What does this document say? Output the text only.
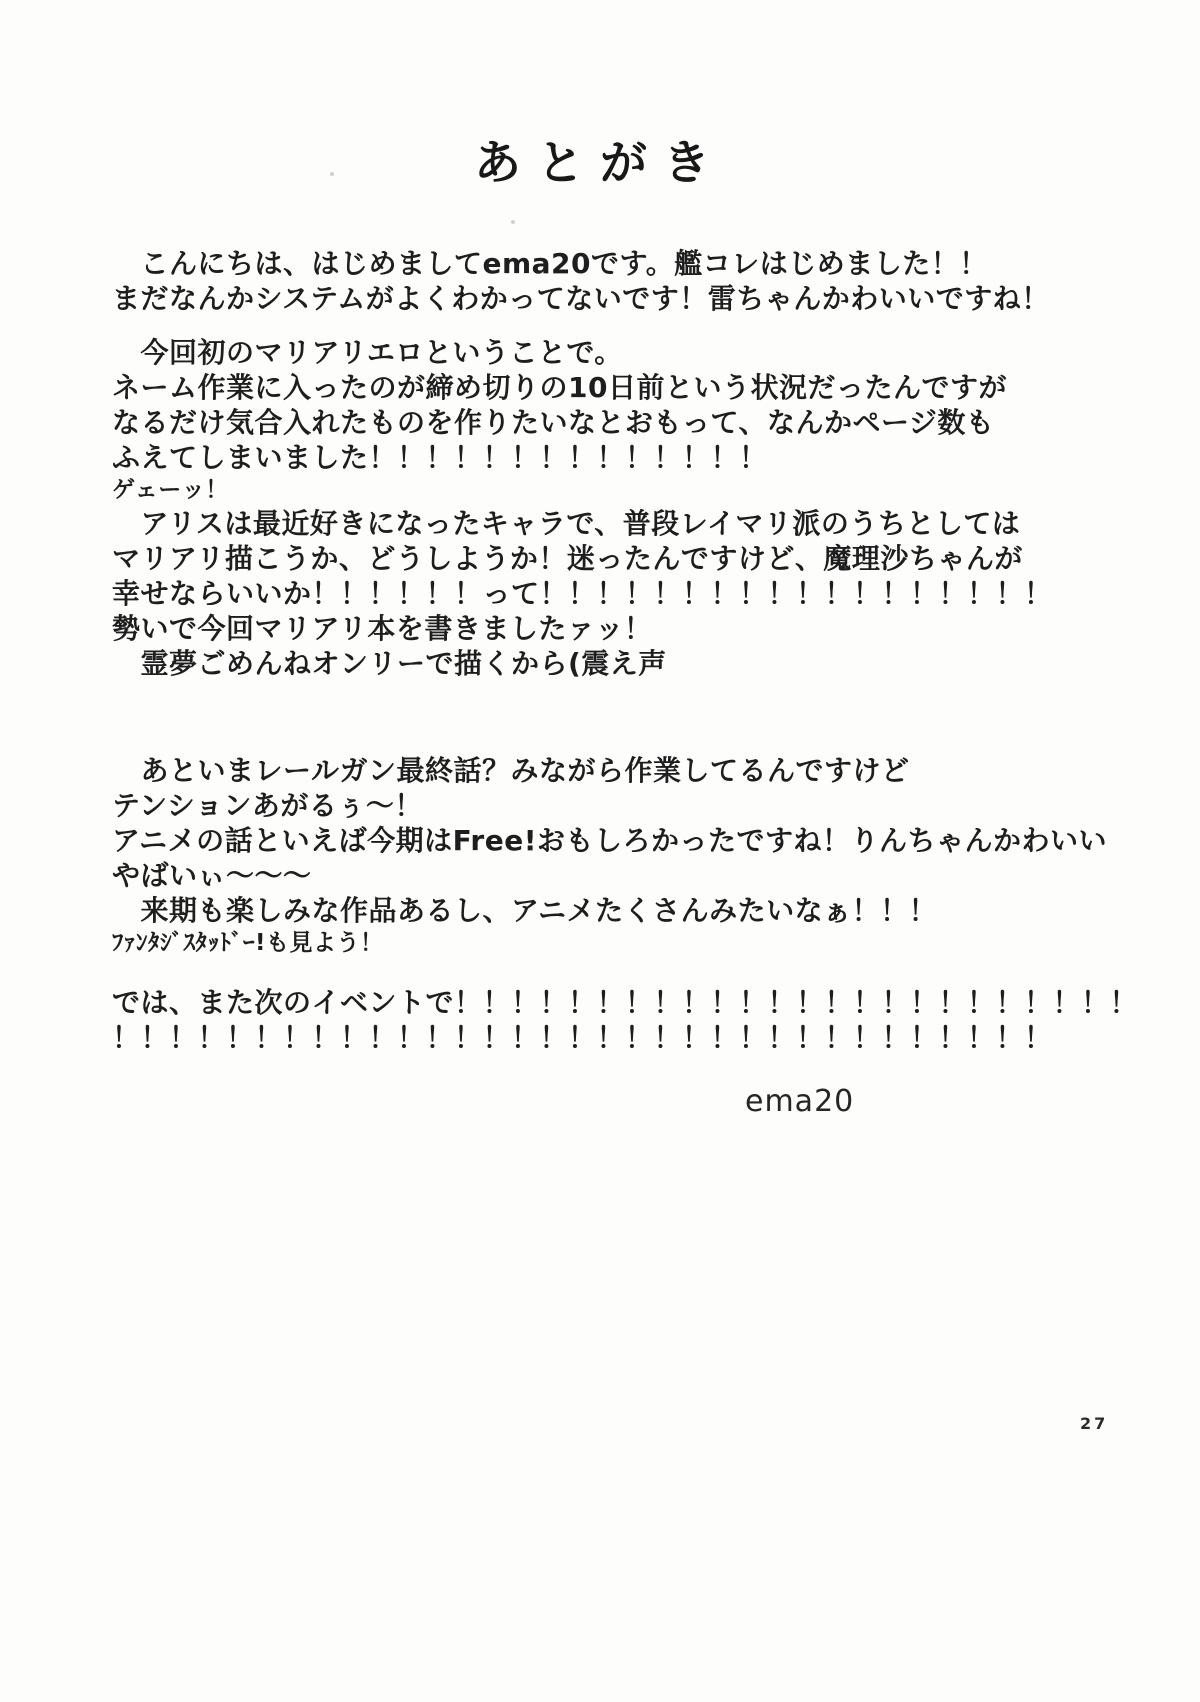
あとがき
　こんにちは、はじめましてema20です。艦コレはじめました！！
まだなんかシステムがよくわかってないです！雷ちゃんかわいいですね！
　今回初のマリアリエロということで。
ネーム作業に入ったのが締め切りの10日前という状況だったんですが
なるだけ気合入れたものを作りたいなとおもって、なんかページ数も
ふえてしまいました！！！！！！！！！！！！！！
ゲェーッ！
　アリスは最近好きになったキャラで、普段レイマリ派のうちとしては
マリアリ描こうか、どうしようか！迷ったんですけど、魔理沙ちゃんが
幸せならいいか！！！！！！って！！！！！！！！！！！！！！！！！！
勢いで今回マリアリ本を書きましたァッ！
　霊夢ごめんねオンリーで描くから(震え声
　あといまレールガン最終話？みながら作業してるんですけど
テンションあがるぅ～！
アニメの話といえば今期はFree!おもしろかったですね！りんちゃんかわいい
やばいぃ～～～
　来期も楽しみな作品あるし、アニメたくさんみたいなぁ！！！
ﾌｧﾝﾀｼﾞｽﾀｯﾄﾞｰ!も見よう！
では、また次のイベントで！！！！！！！！！！！！！！！！！！！！！！！！
！！！！！！！！！！！！！！！！！！！！！！！！！！！！！！！！！
ema20
27
